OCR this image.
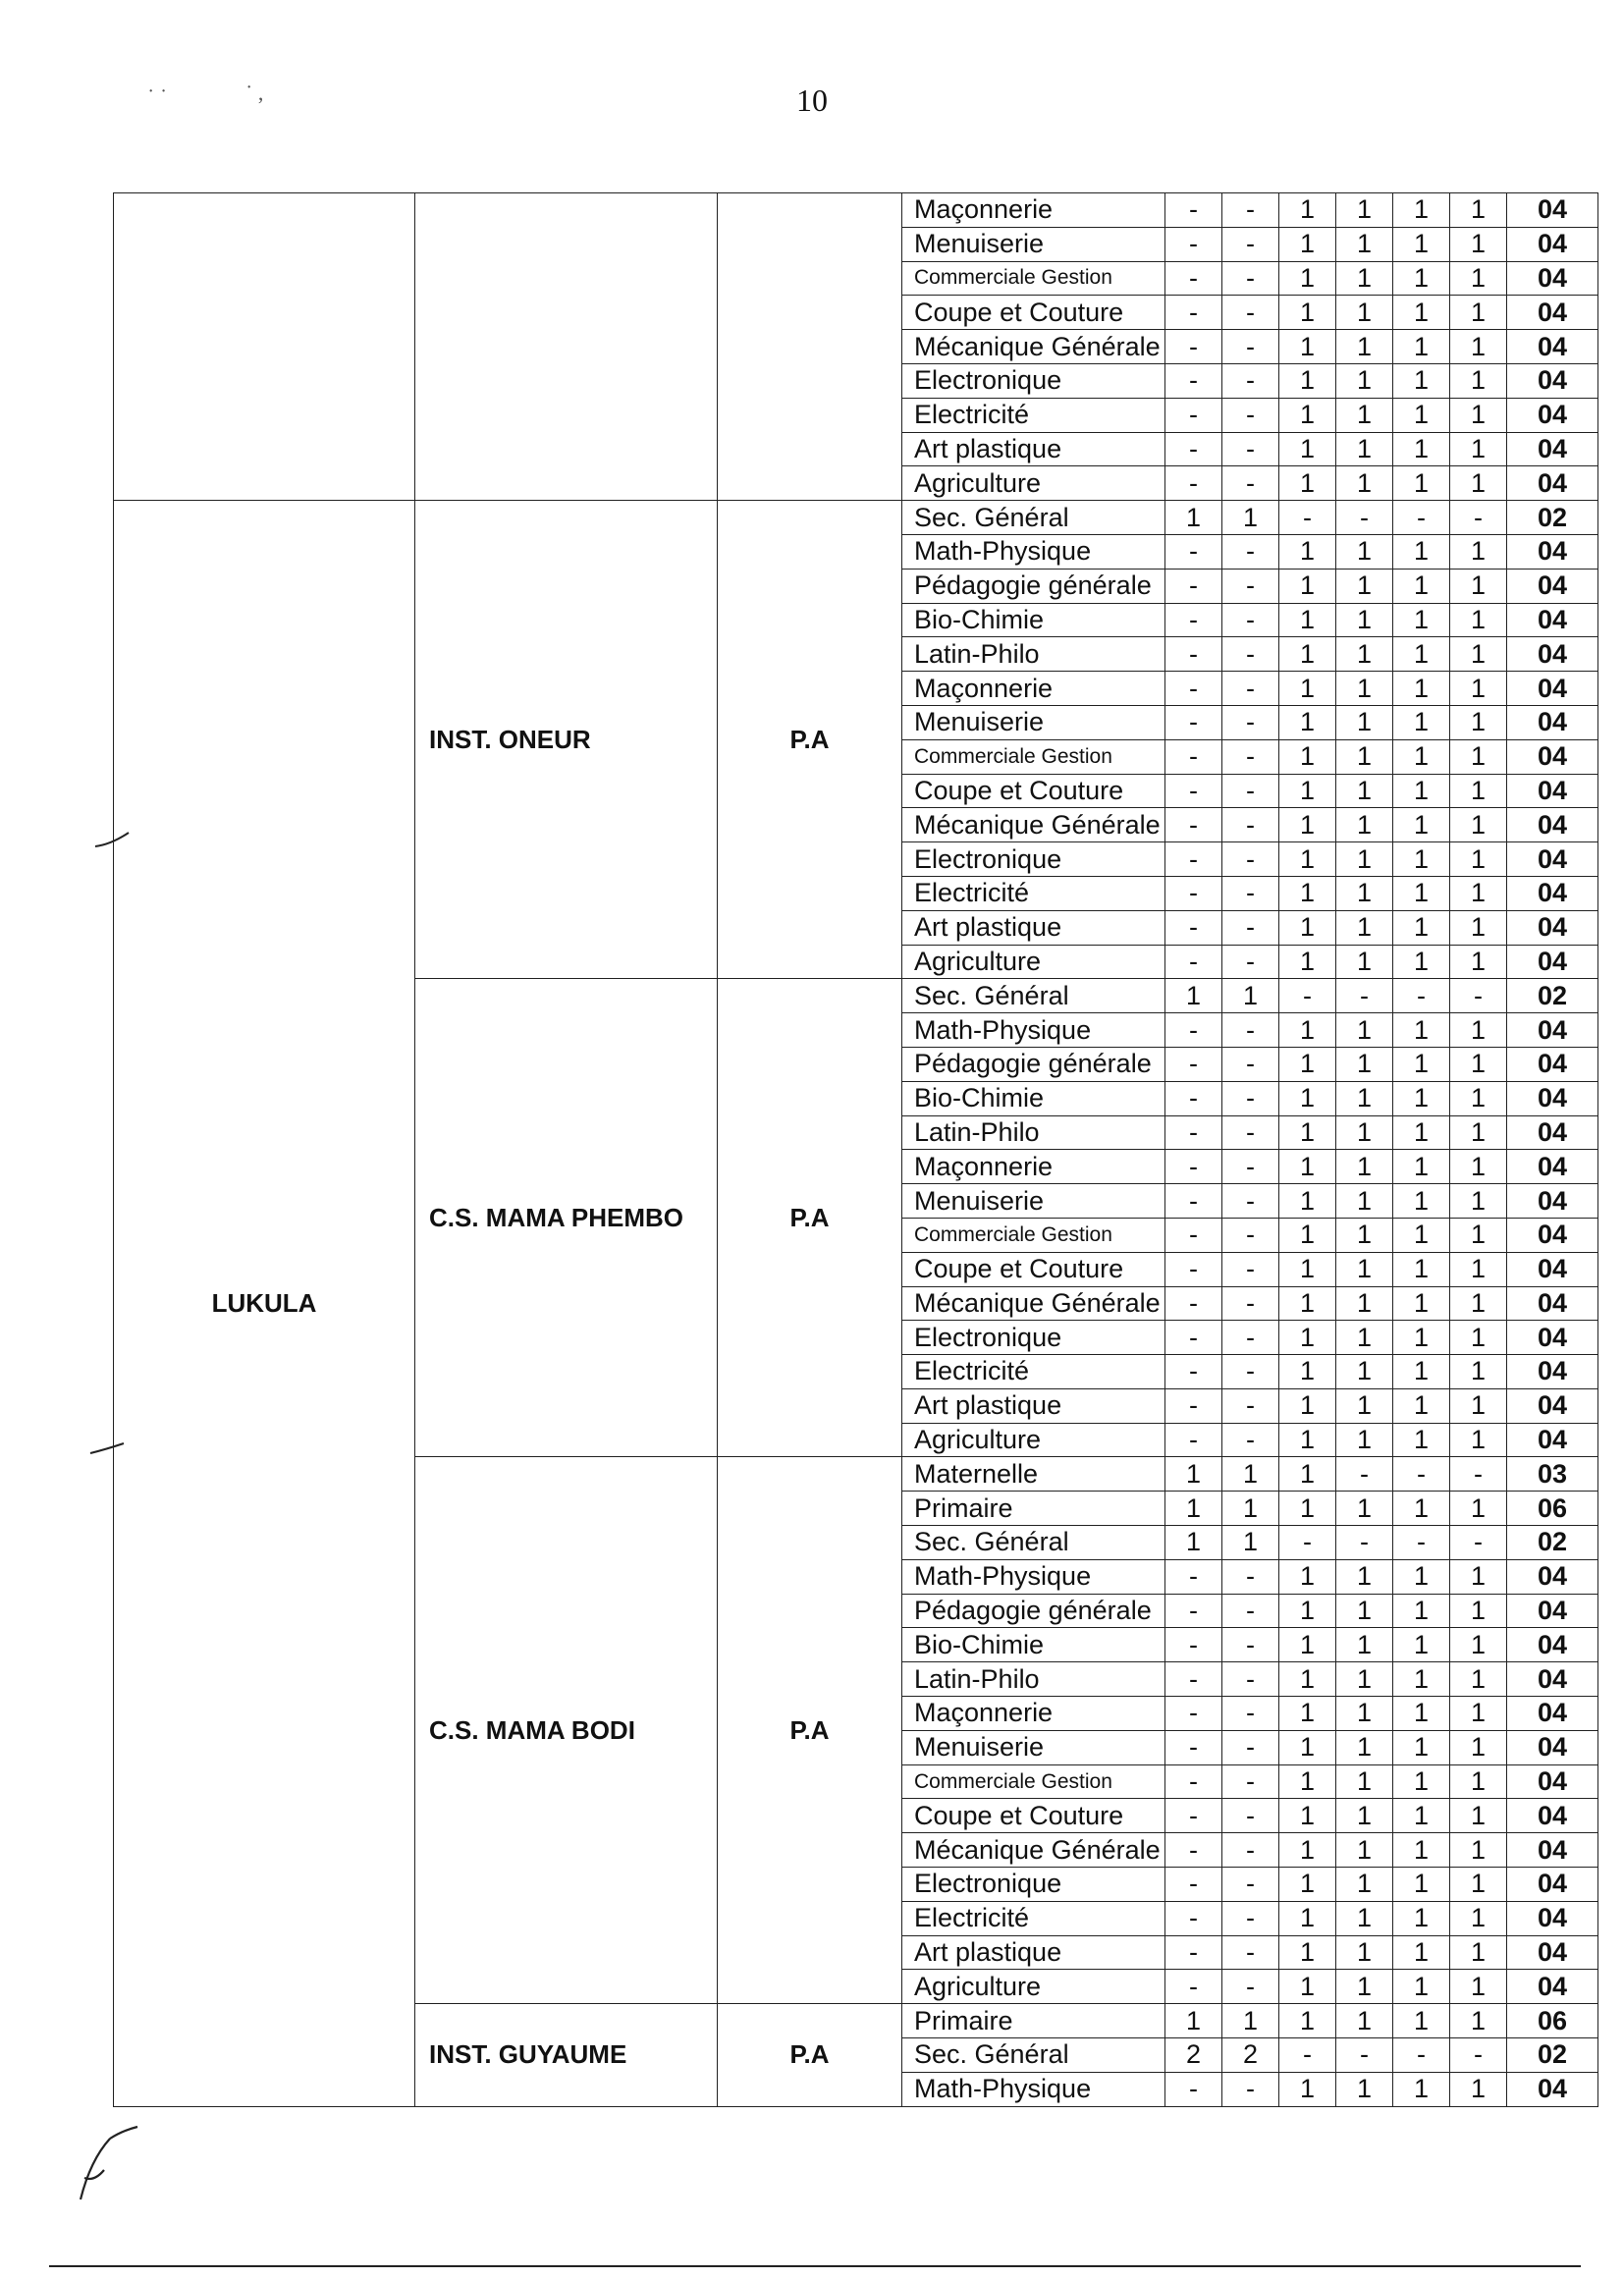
10
˙ ˙	˙ ,
			Maçonnerie	-	-	1	1	1	1	04
			Menuiserie	-	-	1	1	1	1	04
			Commerciale Gestion	-	-	1	1	1	1	04
			Coupe et Couture	-	-	1	1	1	1	04
			Mécanique Générale	-	-	1	1	1	1	04
			Electronique	-	-	1	1	1	1	04
			Electricité	-	-	1	1	1	1	04
			Art plastique	-	-	1	1	1	1	04
			Agriculture	-	-	1	1	1	1	04
LUKULA	INST. ONEUR	P.A	Sec. Général	1	1	-	-	-	-	02
			Math-Physique	-	-	1	1	1	1	04
			Pédagogie générale	-	-	1	1	1	1	04
			Bio-Chimie	-	-	1	1	1	1	04
			Latin-Philo	-	-	1	1	1	1	04
			Maçonnerie	-	-	1	1	1	1	04
			Menuiserie	-	-	1	1	1	1	04
			Commerciale Gestion	-	-	1	1	1	1	04
			Coupe et Couture	-	-	1	1	1	1	04
			Mécanique Générale	-	-	1	1	1	1	04
			Electronique	-	-	1	1	1	1	04
			Electricité	-	-	1	1	1	1	04
			Art plastique	-	-	1	1	1	1	04
			Agriculture	-	-	1	1	1	1	04
	C.S. MAMA PHEMBO	P.A	Sec. Général	1	1	-	-	-	-	02
			Math-Physique	-	-	1	1	1	1	04
			Pédagogie générale	-	-	1	1	1	1	04
			Bio-Chimie	-	-	1	1	1	1	04
			Latin-Philo	-	-	1	1	1	1	04
			Maçonnerie	-	-	1	1	1	1	04
			Menuiserie	-	-	1	1	1	1	04
			Commerciale Gestion	-	-	1	1	1	1	04
			Coupe et Couture	-	-	1	1	1	1	04
			Mécanique Générale	-	-	1	1	1	1	04
			Electronique	-	-	1	1	1	1	04
			Electricité	-	-	1	1	1	1	04
			Art plastique	-	-	1	1	1	1	04
			Agriculture	-	-	1	1	1	1	04
	C.S. MAMA BODI	P.A	Maternelle	1	1	1	-	-	-	03
			Primaire	1	1	1	1	1	1	06
			Sec. Général	1	1	-	-	-	-	02
			Math-Physique	-	-	1	1	1	1	04
			Pédagogie générale	-	-	1	1	1	1	04
			Bio-Chimie	-	-	1	1	1	1	04
			Latin-Philo	-	-	1	1	1	1	04
			Maçonnerie	-	-	1	1	1	1	04
			Menuiserie	-	-	1	1	1	1	04
			Commerciale Gestion	-	-	1	1	1	1	04
			Coupe et Couture	-	-	1	1	1	1	04
			Mécanique Générale	-	-	1	1	1	1	04
			Electronique	-	-	1	1	1	1	04
			Electricité	-	-	1	1	1	1	04
			Art plastique	-	-	1	1	1	1	04
			Agriculture	-	-	1	1	1	1	04
	INST. GUYAUME	P.A	Primaire	1	1	1	1	1	1	06
			Sec. Général	2	2	-	-	-	-	02
			Math-Physique	-	-	1	1	1	1	04
